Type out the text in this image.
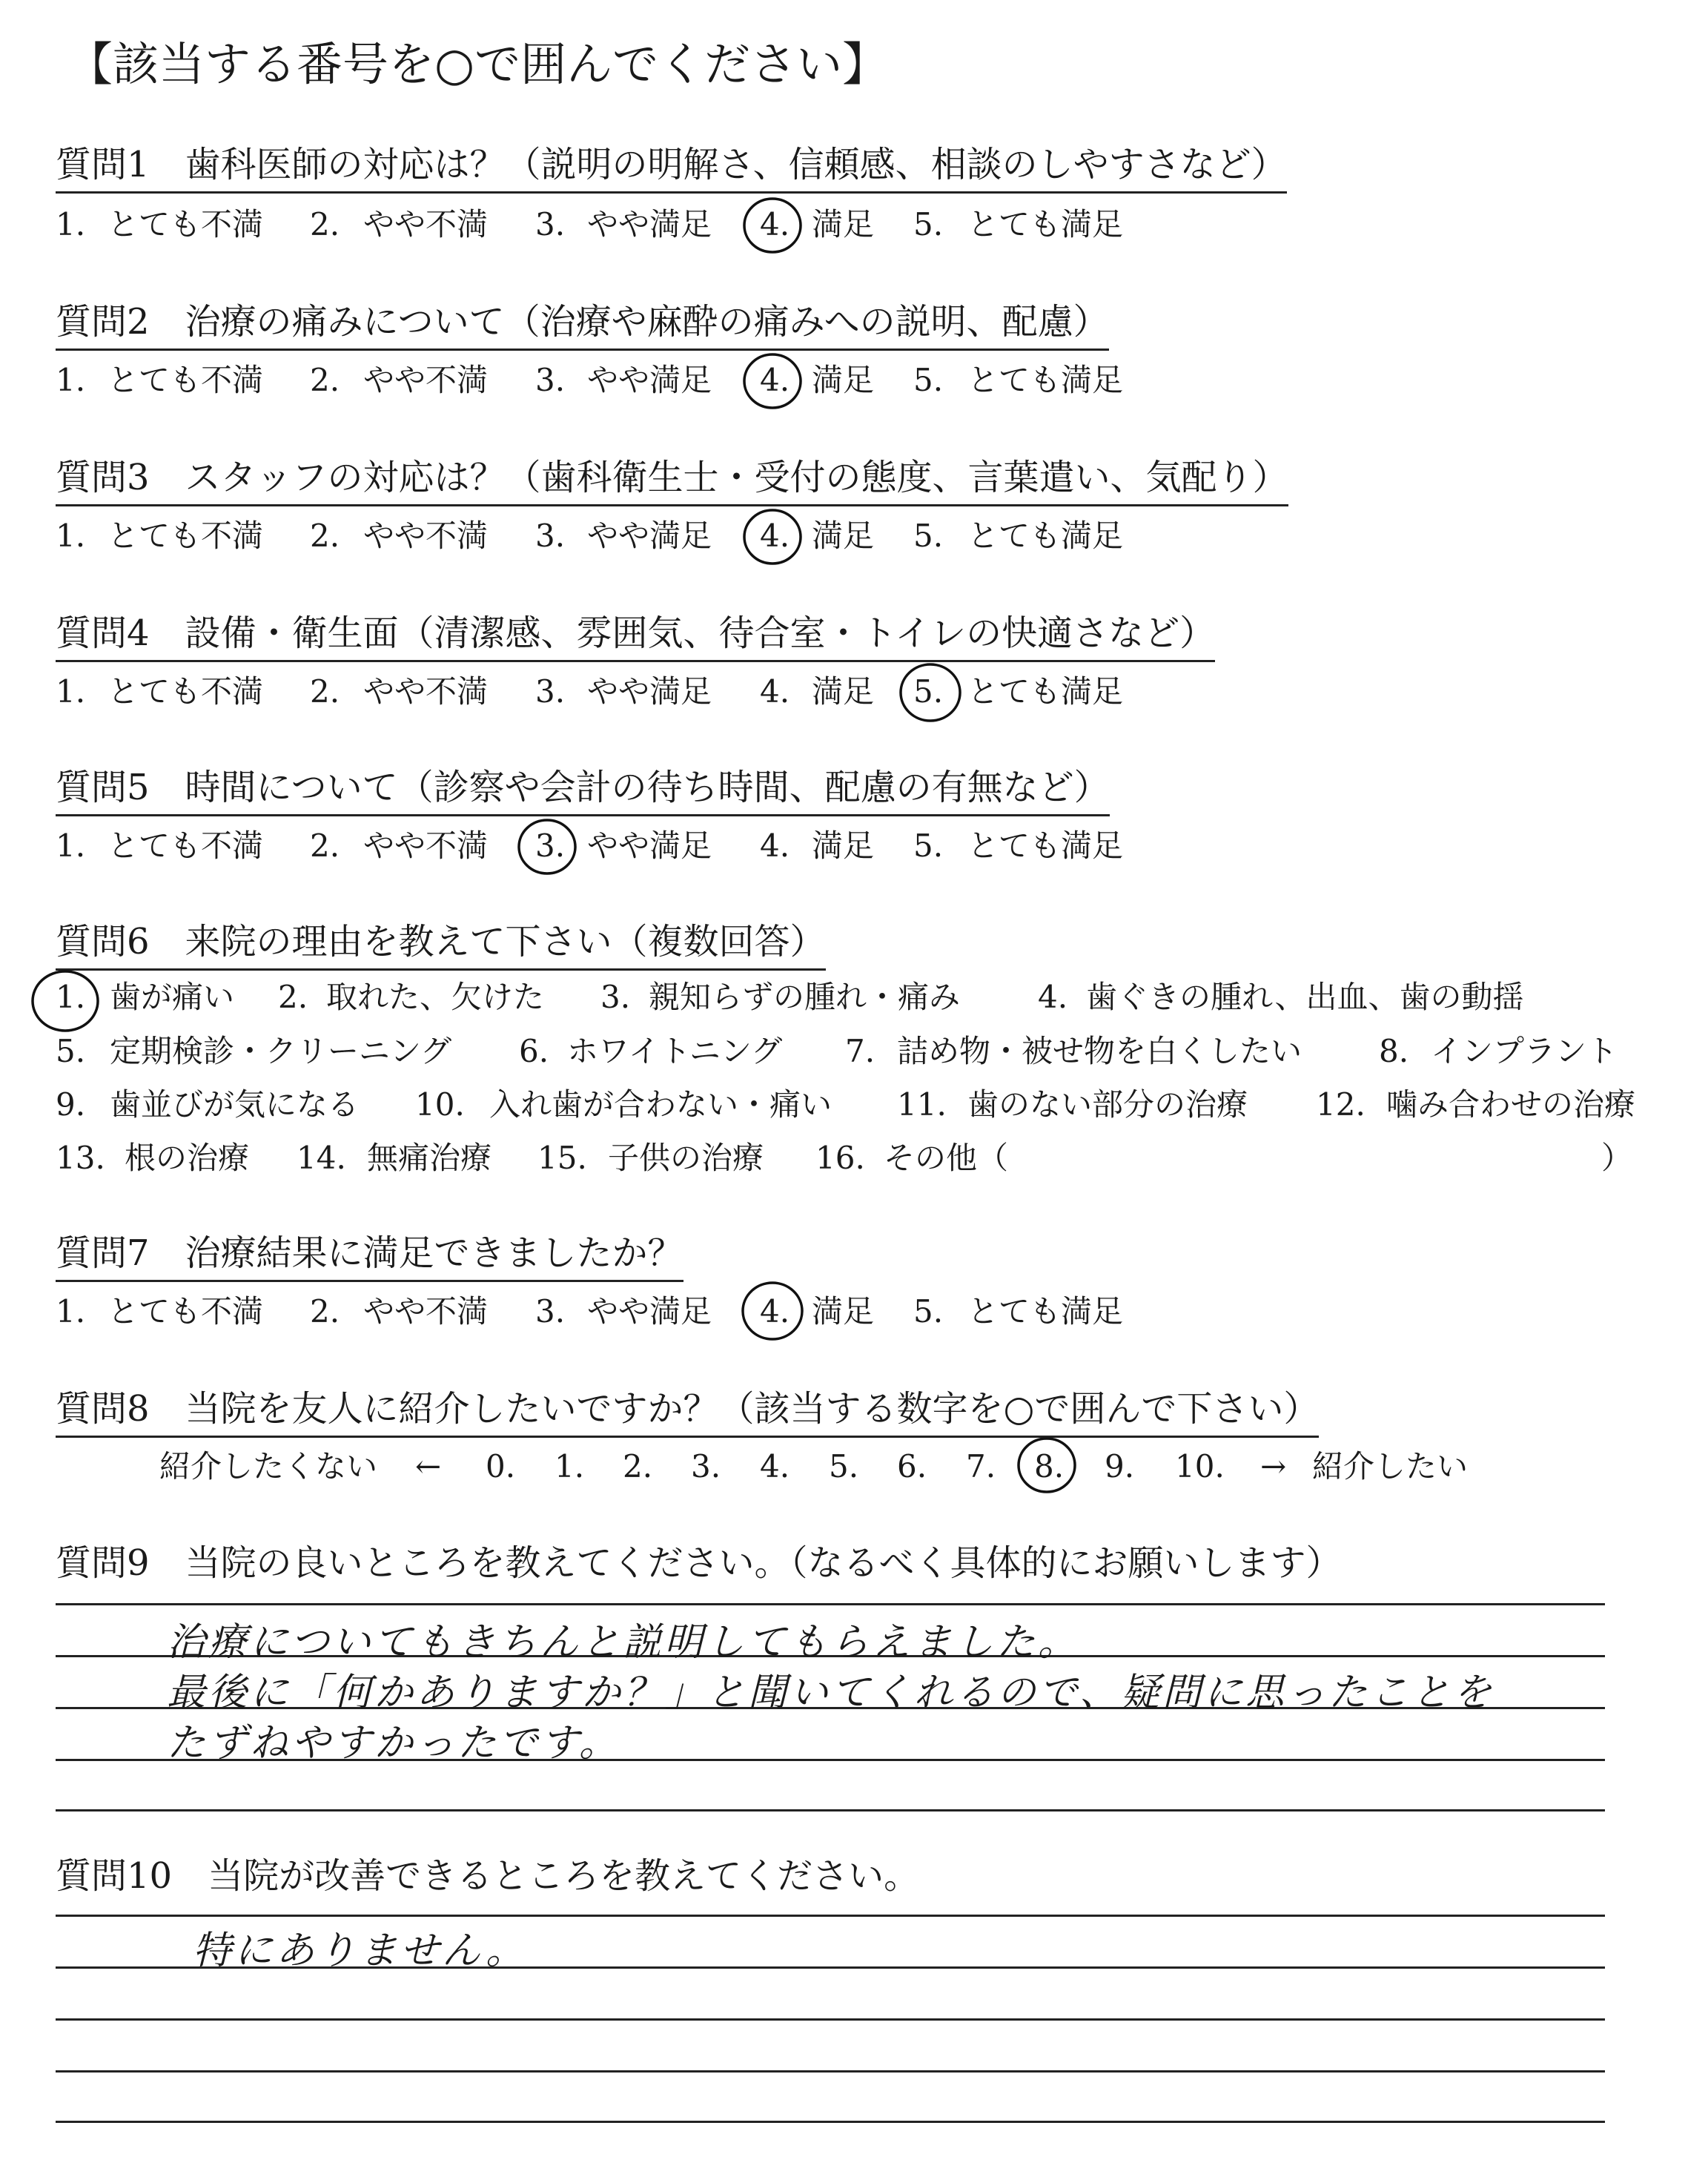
【該当する番号を○で囲んでください】
質問1　歯科医師の対応は？（説明の明解さ、信頼感、相談のしやすさなど）
1. とても不満 2. やや不満 3. やや満足 4. 満足 5. とても満足
質問2　治療の痛みについて（治療や麻酔の痛みへの説明、配慮）
1. とても不満 2. やや不満 3. やや満足 4. 満足 5. とても満足
質問3　スタッフの対応は？（歯科衛生士・受付の態度、言葉遣い、気配り）
1. とても不満 2. やや不満 3. やや満足 4. 満足 5. とても満足
質問4　設備・衛生面（清潔感、雰囲気、待合室・トイレの快適さなど）
1. とても不満 2. やや不満 3. やや満足 4. 満足 5. とても満足
質問5　時間について（診察や会計の待ち時間、配慮の有無など）
1. とても不満 2. やや不満 3. やや満足 4. 満足 5. とても満足
質問6　来院の理由を教えて下さい（複数回答）
1. 歯が痛い 2. 取れた、欠けた 3. 親知らずの腫れ・痛み 4. 歯ぐきの腫れ、出血、歯の動揺
5. 定期検診・クリーニング 6. ホワイトニング 7. 詰め物・被せ物を白くしたい 8. インプラント
9. 歯並びが気になる 10. 入れ歯が合わない・痛い 11. 歯のない部分の治療 12. 噛み合わせの治療
13. 根の治療 14. 無痛治療 15. 子供の治療 16. その他（	）
質問7　治療結果に満足できましたか？
1. とても不満 2. やや不満 3. やや満足 4. 満足 5. とても満足
質問8　当院を友人に紹介したいですか？（該当する数字を○で囲んで下さい）
紹介したくない ← 0. 1. 2. 3. 4. 5. 6. 7. 8. 9. 10. → 紹介したい
質問9　当院の良いところを教えてください。（なるべく具体的にお願いします）
治療についてもきちんと説明してもらえました。
最後に「何かありますか？」と聞いてくれるので、疑問に思ったことを
たずねやすかったです。
質問10　当院が改善できるところを教えてください。
特にありません。
